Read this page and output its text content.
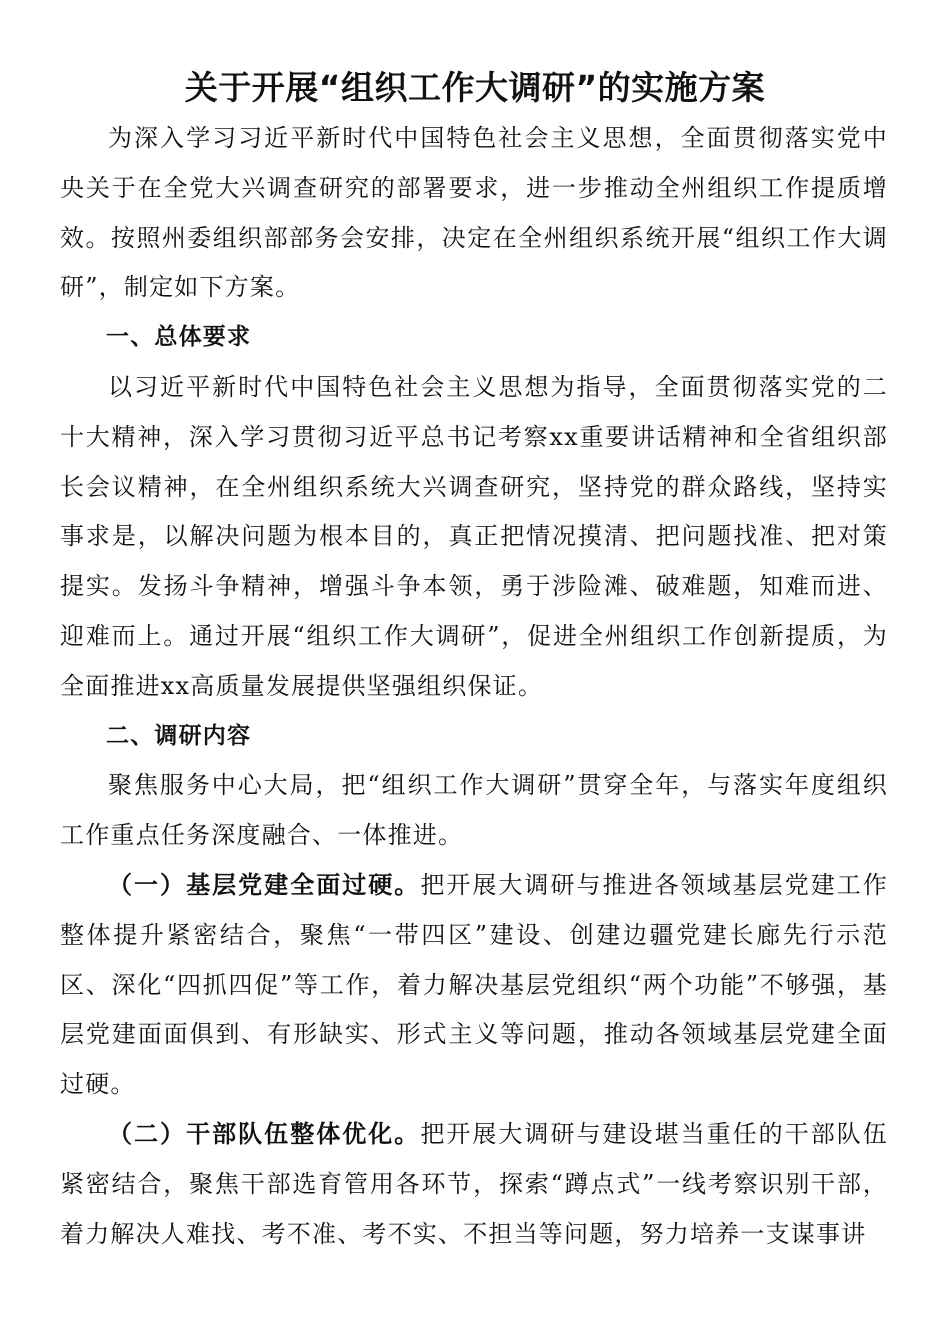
关于开展“组织工作大调研”的实施方案

为深入学习习近平新时代中国特色社会主义思想，全面贯彻落实党中央关于在全党大兴调查研究的部署要求，进一步推动全州组织工作提质增效。按照州委组织部部务会安排，决定在全州组织系统开展“组织工作大调研”，制定如下方案。

一、总体要求

以习近平新时代中国特色社会主义思想为指导，全面贯彻落实党的二十大精神，深入学习贯彻习近平总书记考察xx重要讲话精神和全省组织部长会议精神，在全州组织系统大兴调查研究，坚持党的群众路线，坚持实事求是，以解决问题为根本目的，真正把情况摸清、把问题找准、把对策提实。发扬斗争精神，增强斗争本领，勇于涉险滩、破难题，知难而进、迎难而上。通过开展“组织工作大调研”，促进全州组织工作创新提质，为全面推进xx高质量发展提供坚强组织保证。

二、调研内容

聚焦服务中心大局，把“组织工作大调研”贯穿全年，与落实年度组织工作重点任务深度融合、一体推进。

（一）基层党建全面过硬。把开展大调研与推进各领域基层党建工作整体提升紧密结合，聚焦“一带四区”建设、创建边疆党建长廊先行示范区、深化“四抓四促”等工作，着力解决基层党组织“两个功能”不够强，基层党建面面俱到、有形缺实、形式主义等问题，推动各领域基层党建全面过硬。

（二）干部队伍整体优化。把开展大调研与建设堪当重任的干部队伍紧密结合，聚焦干部选育管用各环节，探索“蹲点式”一线考察识别干部，着力解决人难找、考不准、考不实、不担当等问题，努力培养一支谋事讲
